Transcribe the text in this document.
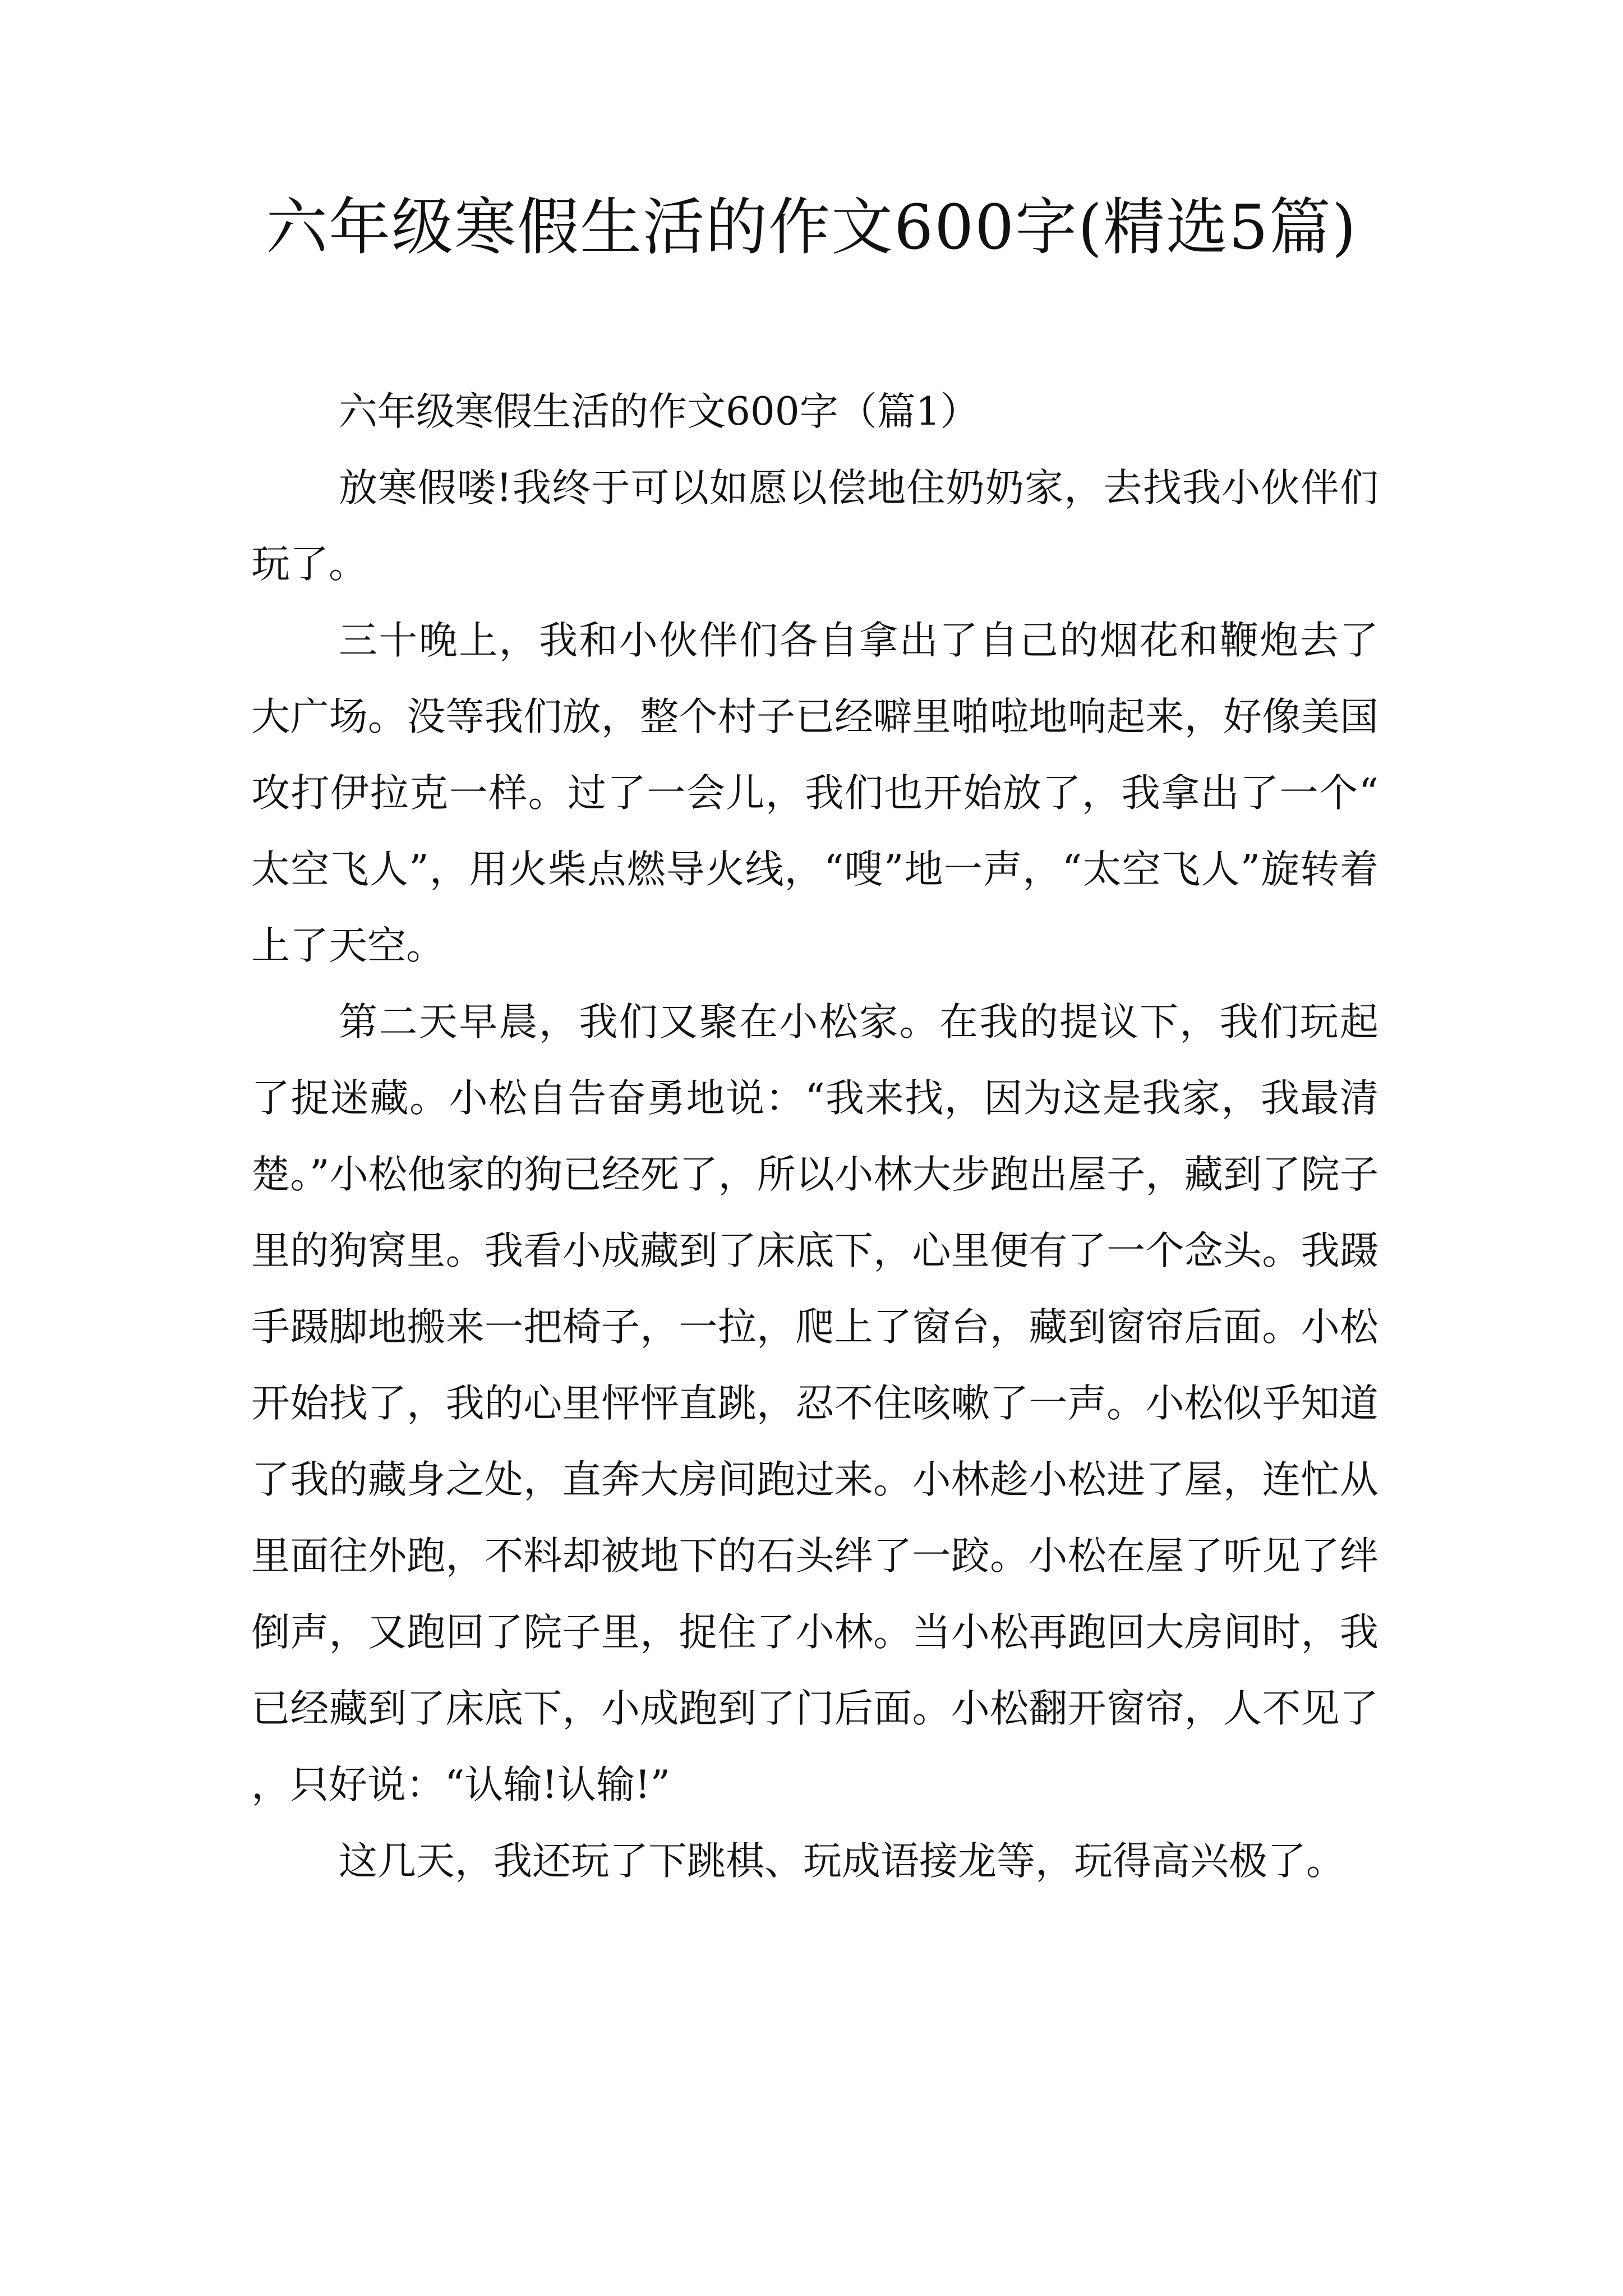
六年级寒假生活的作文600字(精选5篇)

六年级寒假生活的作文600字（篇1）

放寒假喽!我终于可以如愿以偿地住奶奶家，去找我小伙伴们玩了。

三十晚上，我和小伙伴们各自拿出了自己的烟花和鞭炮去了大广场。没等我们放，整个村子已经噼里啪啦地响起来，好像美国攻打伊拉克一样。过了一会儿，我们也开始放了，我拿出了一个“太空飞人”，用火柴点燃导火线，“嗖”地一声，“太空飞人”旋转着上了天空。

第二天早晨，我们又聚在小松家。在我的提议下，我们玩起了捉迷藏。小松自告奋勇地说：“我来找，因为这是我家，我最清楚。”小松他家的狗已经死了，所以小林大步跑出屋子，藏到了院子里的狗窝里。我看小成藏到了床底下，心里便有了一个念头。我蹑手蹑脚地搬来一把椅子，一拉，爬上了窗台，藏到窗帘后面。小松开始找了，我的心里怦怦直跳，忍不住咳嗽了一声。小松似乎知道了我的藏身之处，直奔大房间跑过来。小林趁小松进了屋，连忙从里面往外跑，不料却被地下的石头绊了一跤。小松在屋了听见了绊倒声，又跑回了院子里，捉住了小林。当小松再跑回大房间时，我已经藏到了床底下，小成跑到了门后面。小松翻开窗帘，人不见了，只好说：“认输!认输!”

这几天，我还玩了下跳棋、玩成语接龙等，玩得高兴极了。
